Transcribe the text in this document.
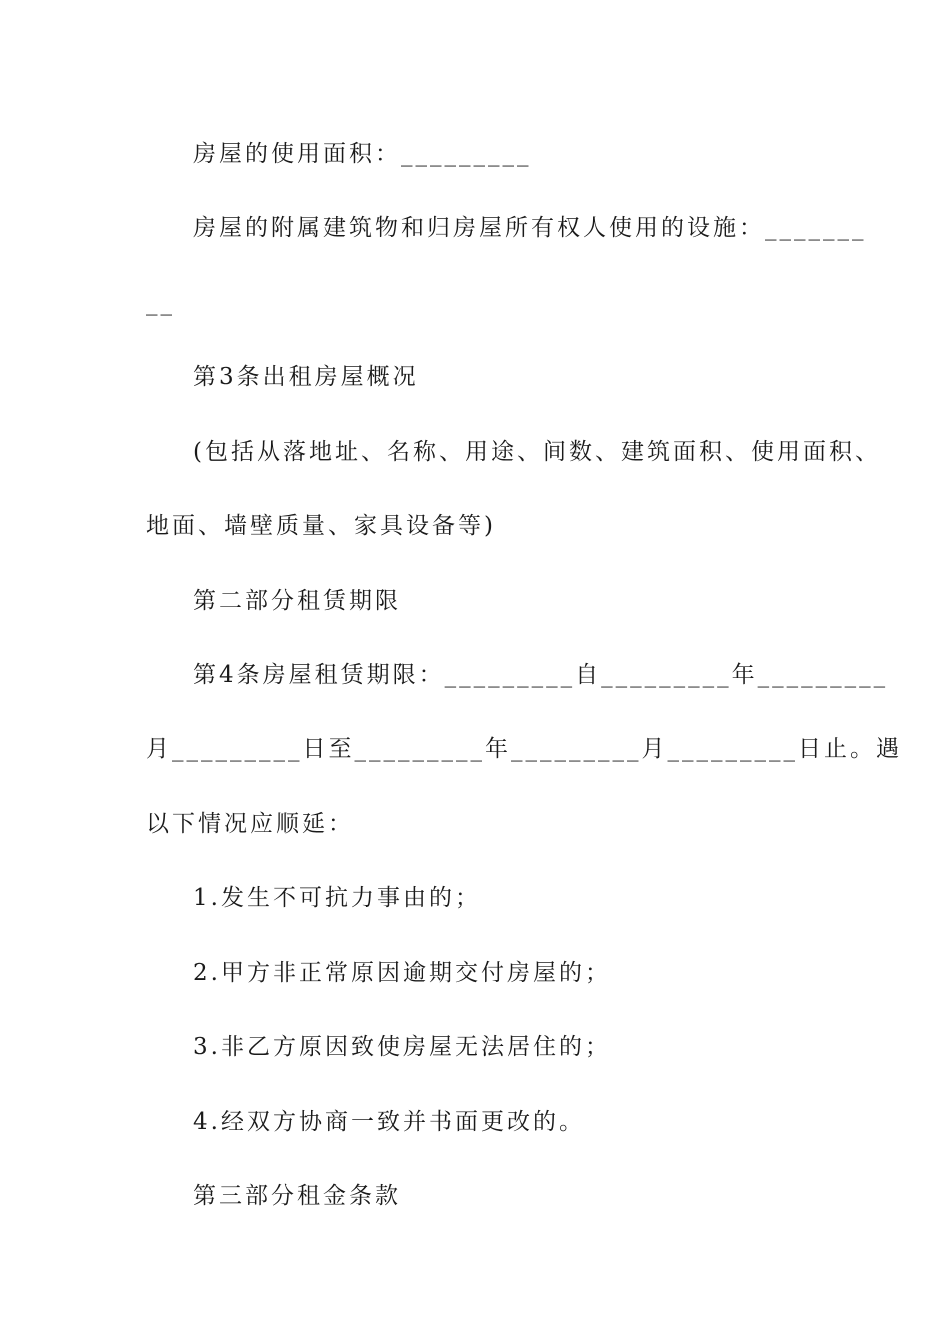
房屋的使用面积：_________
房屋的附属建筑物和归房屋所有权人使用的设施：_______
__
第3条出租房屋概况
(包括从落地址、名称、用途、间数、建筑面积、使用面积、
地面、墙壁质量、家具设备等)
第二部分租赁期限
第4条房屋租赁期限：_________自_________年_________
月_________日至_________年_________月_________日止。遇
以下情况应顺延：
1.发生不可抗力事由的；
2.甲方非正常原因逾期交付房屋的；
3.非乙方原因致使房屋无法居住的；
4.经双方协商一致并书面更改的。
第三部分租金条款
